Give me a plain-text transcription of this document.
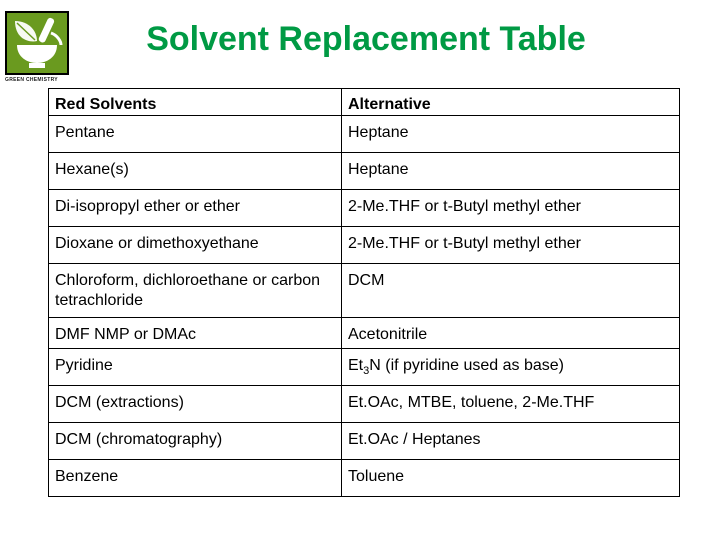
GREEN CHEMISTRY
Solvent Replacement Table
Red Solvents	Alternative
Pentane	Heptane
Hexane(s)	Heptane
Di-isopropyl ether or ether	2-Me.THF or t-Butyl methyl ether
Dioxane or dimethoxyethane	2-Me.THF or t-Butyl methyl ether
Chloroform, dichloroethane or carbon tetrachloride	DCM
DMF NMP or DMAc	Acetonitrile
Pyridine	$Et_3N$ (if pyridine used as base)
DCM (extractions)	Et.OAc, MTBE, toluene, 2-Me.THF
DCM (chromatography)	Et.OAc / Heptanes
Benzene	Toluene
